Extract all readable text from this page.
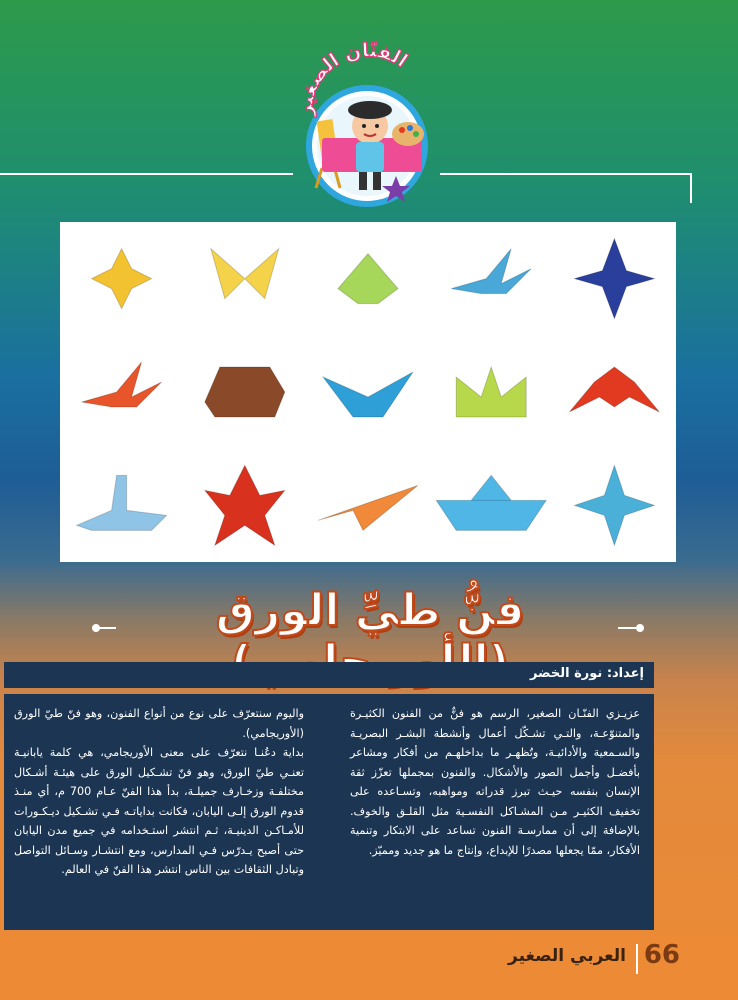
الفنّان الصغير
فنُّ طيِّ الورق
إعداد: نورة الخضر

عزيـزي الفنّـان الصغير، الرسم هو فنٌّ من الفنون الكثيـرة والمتنوّعـة، والتـي تشـكّل أعمال وأنشطة البشـر البصريـة والسـمعية والأدائيـة، وتُظهـر ما بداخلهـم من أفكار ومشاعر بأفضـل وأجمل الصور والأشكال. والفنون بمجملها تعزّز ثقة الإنسان بنفسه حيـث تبرز قدراته ومواهبه، وتسـاعده على تخفيف الكثيـر مـن المشـاكل النفسـية مثل القلـق والخوف. بالإضافة إلى أن ممارسـة الفنون تساعد على الابتكار وتنمية الأفكار، ممّا يجعلها مصدرًا للإبداع، وإنتاج ما هو جديد ومميّز.

واليوم سنتعرّف على نوع من أنواع الفنون، وهو فنّ طيّ الورق (الأوريجامي).

بداية دعُنـا نتعرّف على معنى الأوريجامي، هي كلمة يابانيـة تعنـي طيّ الورق، وهو فنّ تشـكيل الورق على هيئـة أشـكال مختلفـة وزخـارف جميلـة، بدأ هذا الفنّ عـام 700 م، أي منـذ قدوم الورق إلـى اليابان، فكانت بداياتـه فـي تشـكيل ديـكـورات للأمـاكـن الدينيـة، ثـم انتشر استـخدامه في جميع مدن اليابان حتى أصبح يـدرّس فـي المدارس، ومع انتشـار وسـائل التواصل وتبادل الثقافات بين الناس انتشر هذا الفنّ في العالم.

66
العربي الصغير
